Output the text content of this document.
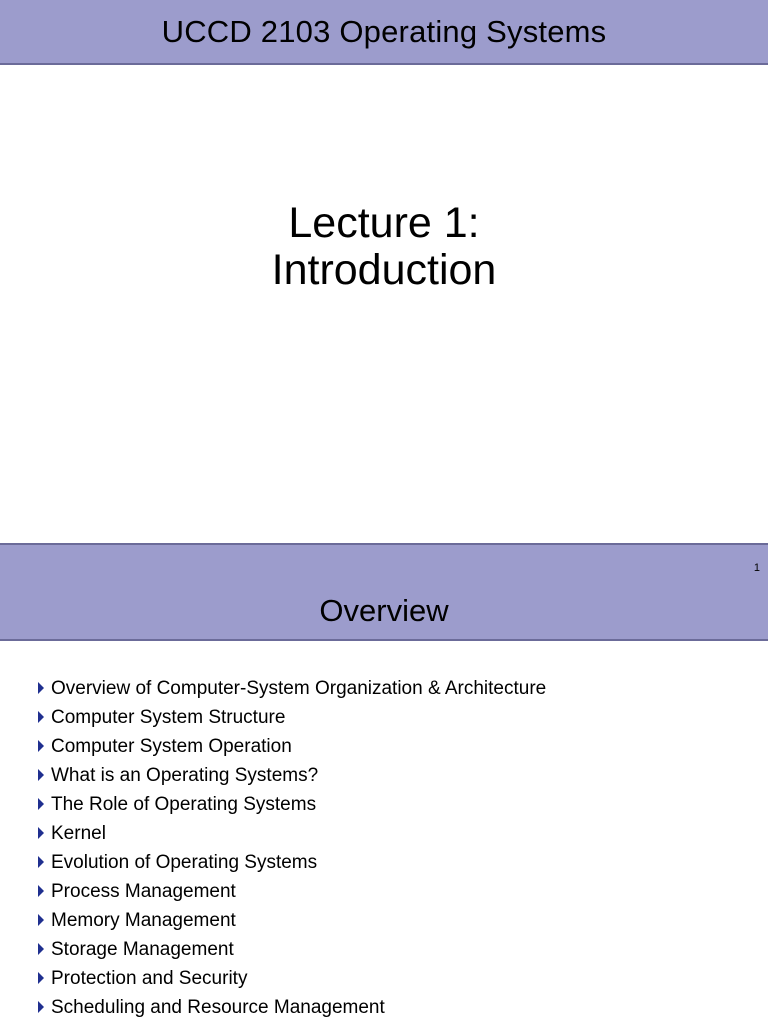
UCCD 2103 Operating Systems
Lecture 1:
Introduction
1
Overview
Overview of Computer-System Organization & Architecture
Computer System Structure
Computer System Operation
What is an Operating Systems?
The Role of Operating Systems
Kernel
Evolution of Operating Systems
Process Management
Memory Management
Storage Management
Protection and Security
Scheduling and Resource Management
